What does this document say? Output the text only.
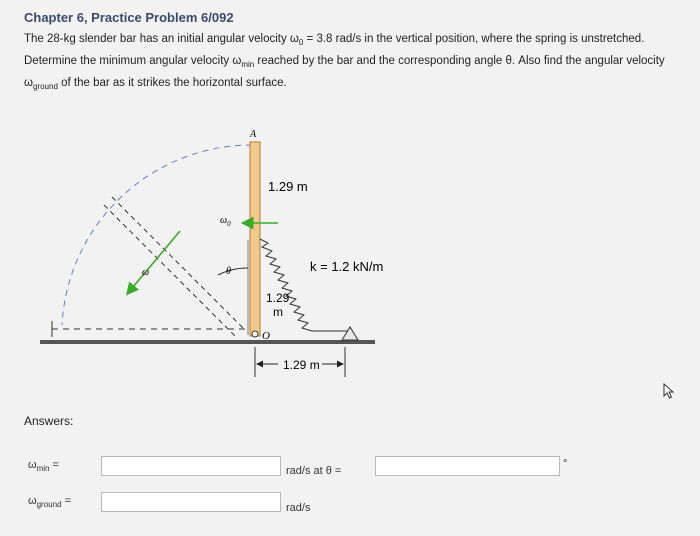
Chapter 6, Practice Problem 6/092

The 28-kg slender bar has an initial angular velocity $\omega_0 = 3.8$ rad/s in the vertical position, where the spring is unstretched. Determine the minimum angular velocity $\omega_{min}$ reached by the bar and the corresponding angle θ. Also find the angular velocity $\omega_{ground}$ of the bar as it strikes the horizontal surface.

A
O
1.29 m
$\omega_0$
ω	θ	k = 1.2 kN/m
1.29
m
1.29 m
Answers:
$\omega_{min}$ =	rad/s at θ =
°
$\omega_{ground}$ =
rad/s
